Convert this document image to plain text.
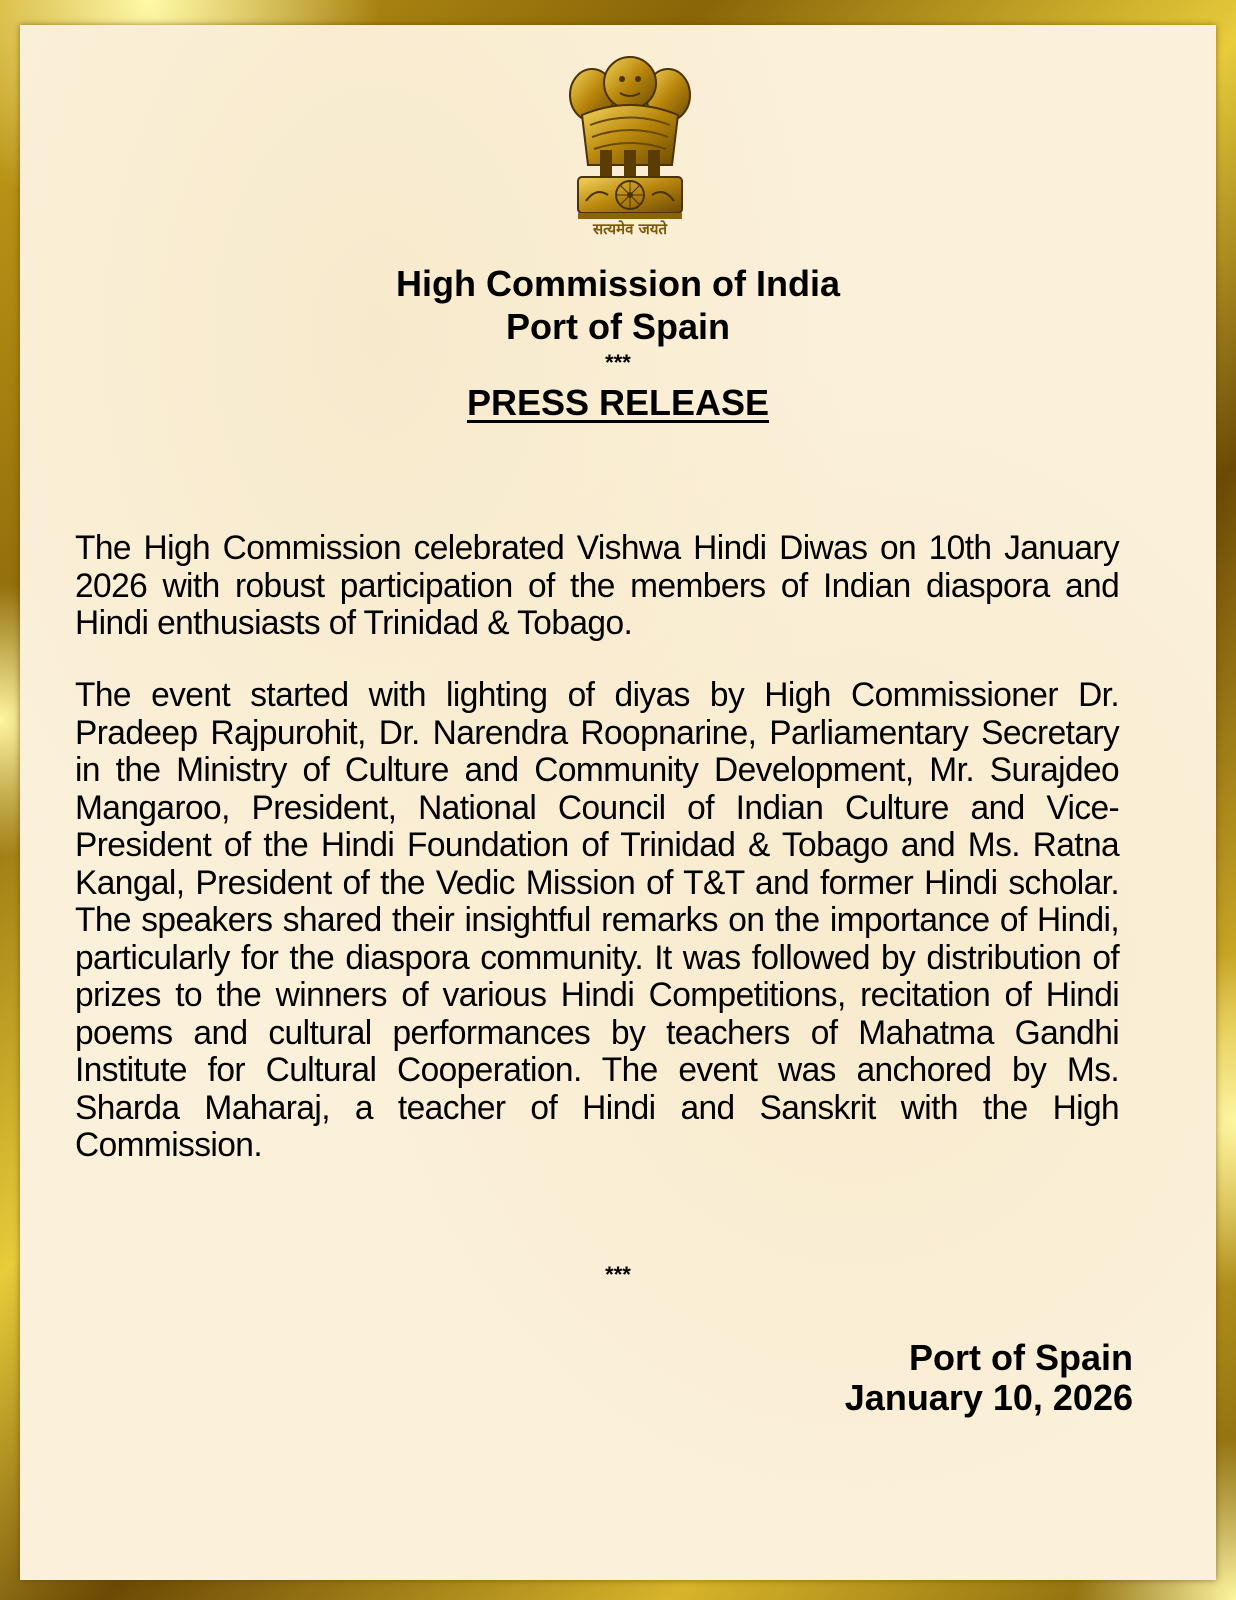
सत्यमेव जयते
High Commission of India
Port of Spain
***
PRESS RELEASE

The High Commission celebrated Vishwa Hindi Diwas on 10th January 2026 with robust participation of the members of Indian diaspora and Hindi enthusiasts of Trinidad & Tobago.

The event started with lighting of diyas by High Commissioner Dr. Pradeep Rajpurohit, Dr. Narendra Roopnarine, Parliamentary Secretary in the Ministry of Culture and Community Development, Mr. Surajdeo Mangaroo, President, National Council of Indian Culture and Vice-President of the Hindi Foundation of Trinidad & Tobago and Ms. Ratna Kangal, President of the Vedic Mission of T&T and former Hindi scholar. The speakers shared their insightful remarks on the importance of Hindi, particularly for the diaspora community. It was followed by distribution of prizes to the winners of various Hindi Competitions, recitation of Hindi poems and cultural performances by teachers of Mahatma Gandhi Institute for Cultural Cooperation. The event was anchored by Ms. Sharda Maharaj, a teacher of Hindi and Sanskrit with the High Commission.

***
Port of Spain
January 10, 2026
